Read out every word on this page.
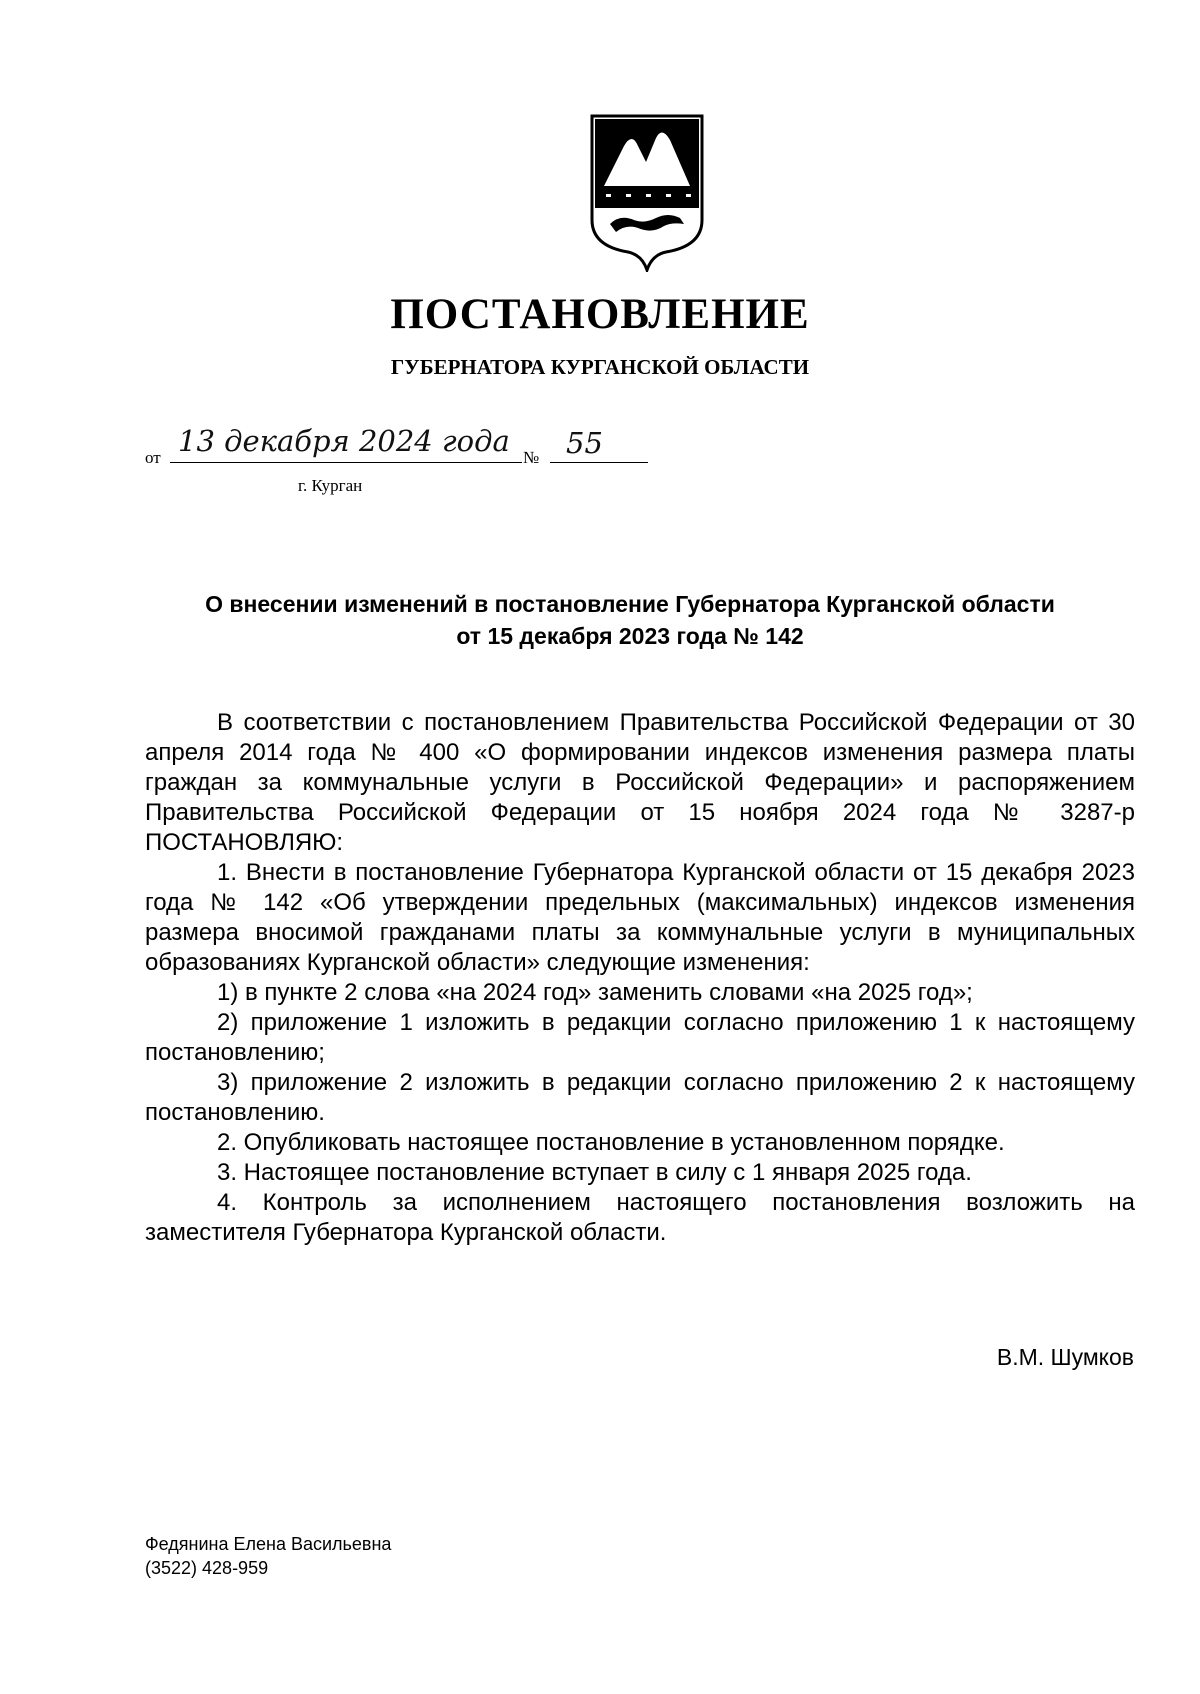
ПОСТАНОВЛЕНИЕ
ГУБЕРНАТОРА КУРГАНСКОЙ ОБЛАСТИ
от 13 декабря 2024 года № 55
г. Курган
О внесении изменений в постановление Губернатора Курганской области
от 15 декабря 2023 года № 142

В соответствии с постановлением Правительства Российской Федерации от 30 апреля 2014 года № 400 «О формировании индексов изменения размера платы граждан за коммунальные услуги в Российской Федерации» и распоряжением Правительства Российской Федерации от 15 ноября 2024 года № 3287-р ПОСТАНОВЛЯЮ:

1. Внести в постановление Губернатора Курганской области от 15 декабря 2023 года № 142 «Об утверждении предельных (максимальных) индексов изменения размера вносимой гражданами платы за коммунальные услуги в муниципальных образованиях Курганской области» следующие изменения:

1) в пункте 2 слова «на 2024 год» заменить словами «на 2025 год»;

2) приложение 1 изложить в редакции согласно приложению 1 к настоящему постановлению;

3) приложение 2 изложить в редакции согласно приложению 2 к настоящему постановлению.

2. Опубликовать настоящее постановление в установленном порядке.

3. Настоящее постановление вступает в силу с 1 января 2025 года.

4. Контроль за исполнением настоящего постановления возложить на заместителя Губернатора Курганской области.

В.М. Шумков
Федянина Елена Васильевна
(3522) 428-959
